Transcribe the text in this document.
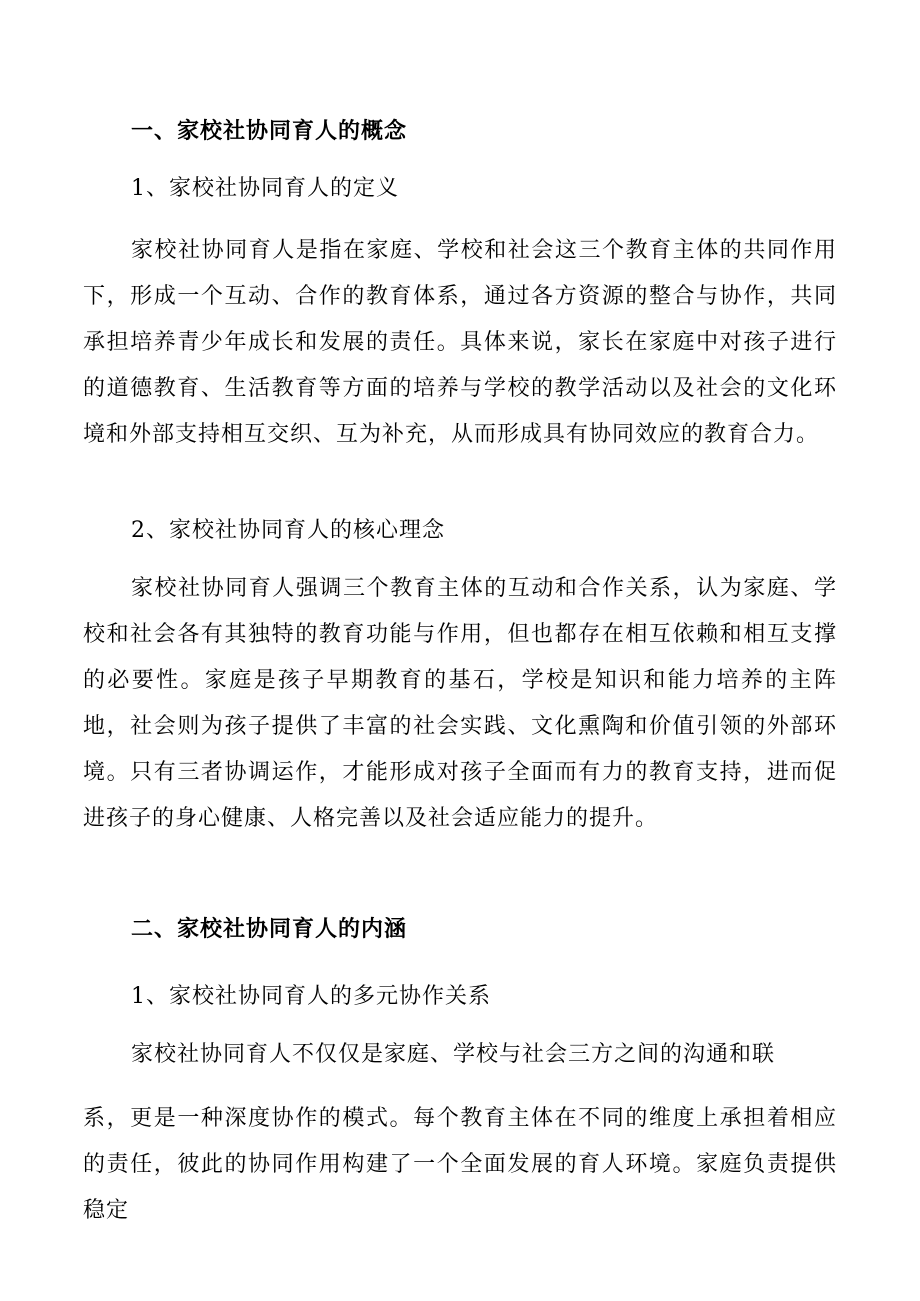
一、家校社协同育人的概念
1、家校社协同育人的定义
家校社协同育人是指在家庭、学校和社会这三个教育主体的共同作用下，形成一个互动、合作的教育体系，通过各方资源的整合与协作，共同承担培养青少年成长和发展的责任。具体来说，家长在家庭中对孩子进行的道德教育、生活教育等方面的培养与学校的教学活动以及社会的文化环境和外部支持相互交织、互为补充，从而形成具有协同效应的教育合力。
2、家校社协同育人的核心理念
家校社协同育人强调三个教育主体的互动和合作关系，认为家庭、学校和社会各有其独特的教育功能与作用，但也都存在相互依赖和相互支撑的必要性。家庭是孩子早期教育的基石，学校是知识和能力培养的主阵地，社会则为孩子提供了丰富的社会实践、文化熏陶和价值引领的外部环境。只有三者协调运作，才能形成对孩子全面而有力的教育支持，进而促进孩子的身心健康、人格完善以及社会适应能力的提升。
二、家校社协同育人的内涵
1、家校社协同育人的多元协作关系
家校社协同育人不仅仅是家庭、学校与社会三方之间的沟通和联
系，更是一种深度协作的模式。每个教育主体在不同的维度上承担着相应的责任，彼此的协同作用构建了一个全面发展的育人环境。家庭负责提供稳定
